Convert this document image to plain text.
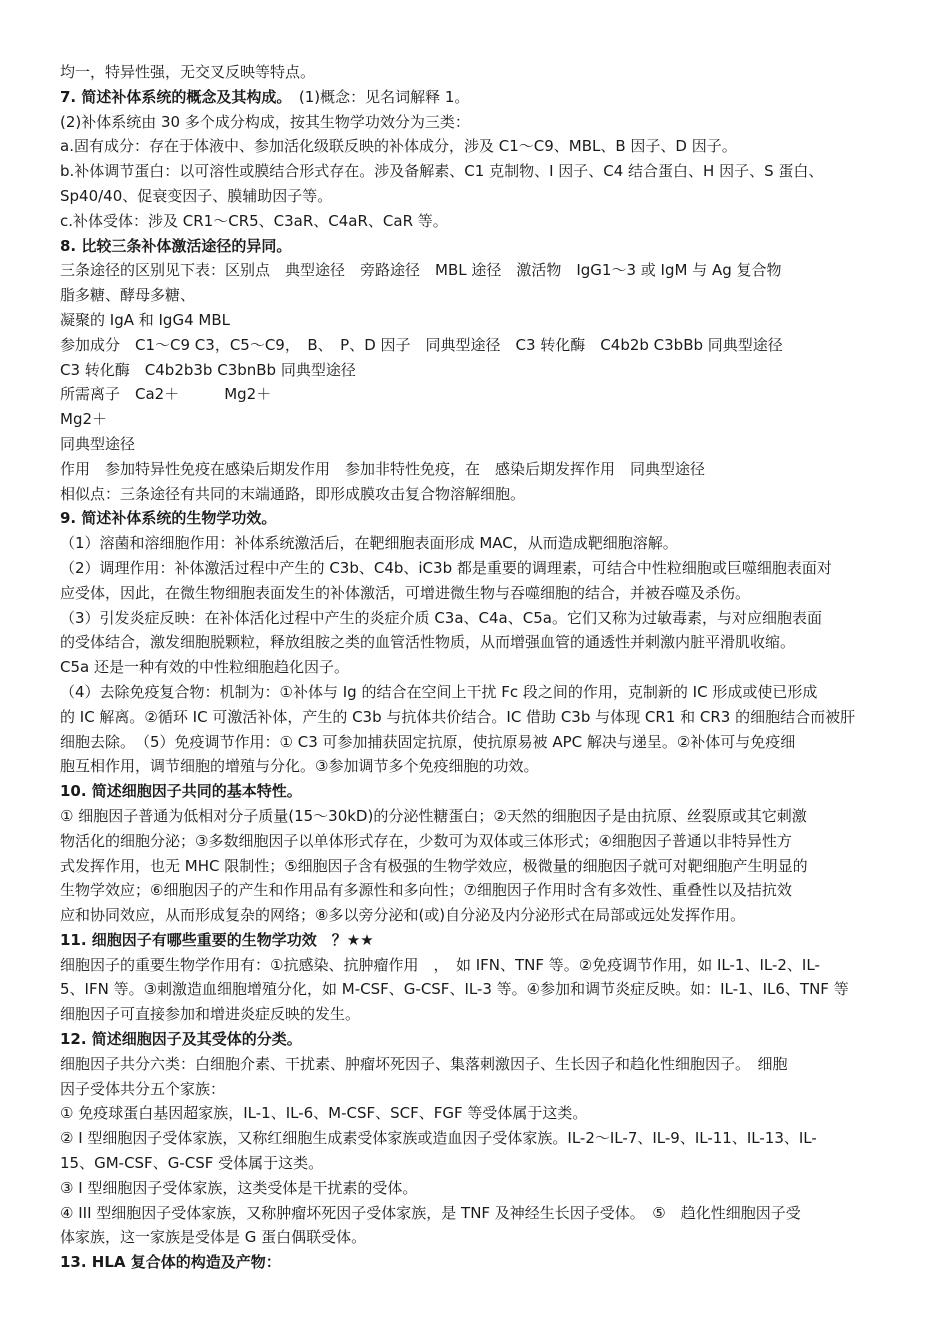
均一，特异性强，无交叉反映等特点。
7. 简述补体系统的概念及其构成。　(1)概念：见名词解释 1。
(2)补体系统由 30 多个成分构成，按其生物学功效分为三类：
a.固有成分：存在于体液中、参加活化级联反映的补体成分，涉及 C1～C9、MBL、B 因子、D 因子。
b.补体调节蛋白：以可溶性或膜结合形式存在。涉及备解素、C1 克制物、I 因子、C4 结合蛋白、H 因子、S 蛋白、
Sp40/40、促衰变因子、膜辅助因子等。
c.补体受体：涉及 CR1～CR5、C3aR、C4aR、CaR 等。
8. 比较三条补体激活途径的异同。
三条途径的区别见下表：区别点　典型途径　旁路途径　MBL 途径　激活物　IgG1～3 或 IgM 与 Ag 复合物
脂多糖、酵母多糖、
凝聚的 IgA 和 IgG4 MBL
参加成分　C1～C9 C3，C5～C9，　B、　P、D 因子　同典型途径　C3 转化酶　C4b2b C3bBb 同典型途径
C3 转化酶　C4b2b3b C3bnBb 同典型途径
所需离子　Ca2＋　　　Mg2＋
Mg2＋
同典型途径
作用　参加特异性免疫在感染后期发作用　参加非特性免疫，在　感染后期发挥作用　同典型途径
相似点：三条途径有共同的末端通路，即形成膜攻击复合物溶解细胞。
9. 简述补体系统的生物学功效。
（1）溶菌和溶细胞作用：补体系统激活后，在靶细胞表面形成 MAC，从而造成靶细胞溶解。
（2）调理作用：补体激活过程中产生的 C3b、C4b、iC3b 都是重要的调理素，可结合中性粒细胞或巨噬细胞表面对
应受体，因此，在微生物细胞表面发生的补体激活，可增进微生物与吞噬细胞的结合，并被吞噬及杀伤。
（3）引发炎症反映：在补体活化过程中产生的炎症介质 C3a、C4a、C5a。它们又称为过敏毒素，与对应细胞表面
的受体结合，激发细胞脱颗粒，释放组胺之类的血管活性物质，从而增强血管的通透性并刺激内脏平滑肌收缩。
C5a 还是一种有效的中性粒细胞趋化因子。
（4）去除免疫复合物：机制为：①补体与 Ig 的结合在空间上干扰 Fc 段之间的作用，克制新的 IC 形成或使已形成
的 IC 解离。②循环 IC 可激活补体，产生的 C3b 与抗体共价结合。IC 借助 C3b 与体现 CR1 和 CR3 的细胞结合而被肝
细胞去除。　（5）免疫调节作用：① C3 可参加捕获固定抗原，使抗原易被 APC 解决与递呈。②补体可与免疫细
胞互相作用，调节细胞的增殖与分化。③参加调节多个免疫细胞的功效。
10. 简述细胞因子共同的基本特性。
① 细胞因子普通为低相对分子质量(15～30kD)的分泌性糖蛋白；②天然的细胞因子是由抗原、丝裂原或其它刺激
物活化的细胞分泌；③多数细胞因子以单体形式存在，少数可为双体或三体形式；④细胞因子普通以非特异性方
式发挥作用，也无 MHC 限制性；⑤细胞因子含有极强的生物学效应，极微量的细胞因子就可对靶细胞产生明显的
生物学效应；⑥细胞因子的产生和作用品有多源性和多向性；⑦细胞因子作用时含有多效性、重叠性以及拮抗效
应和协同效应，从而形成复杂的网络；⑧多以旁分泌和(或)自分泌及内分泌形式在局部或远处发挥作用。
11. 细胞因子有哪些重要的生物学功效　？★★
细胞因子的重要生物学作用有：①抗感染、抗肿瘤作用　，　如 IFN、TNF 等。②免疫调节作用，如 IL-1、IL-2、IL-
5、IFN 等。③刺激造血细胞增殖分化，如 M-CSF、G-CSF、IL-3 等。④参加和调节炎症反映。如：IL-1、IL6、TNF 等
细胞因子可直接参加和增进炎症反映的发生。
12. 简述细胞因子及其受体的分类。
细胞因子共分六类：白细胞介素、干扰素、肿瘤坏死因子、集落刺激因子、生长因子和趋化性细胞因子。　细胞
因子受体共分五个家族：
① 免疫球蛋白基因超家族，IL-1、IL-6、M-CSF、SCF、FGF 等受体属于这类。
② I 型细胞因子受体家族，又称红细胞生成素受体家族或造血因子受体家族。IL-2～IL-7、IL-9、IL-11、IL-13、IL-
15、GM-CSF、G-CSF 受体属于这类。
③ I 型细胞因子受体家族，这类受体是干扰素的受体。
④ III 型细胞因子受体家族，又称肿瘤坏死因子受体家族，是 TNF 及神经生长因子受体。　⑤　趋化性细胞因子受
体家族，这一家族是受体是 G 蛋白偶联受体。
13. HLA 复合体的构造及产物：
